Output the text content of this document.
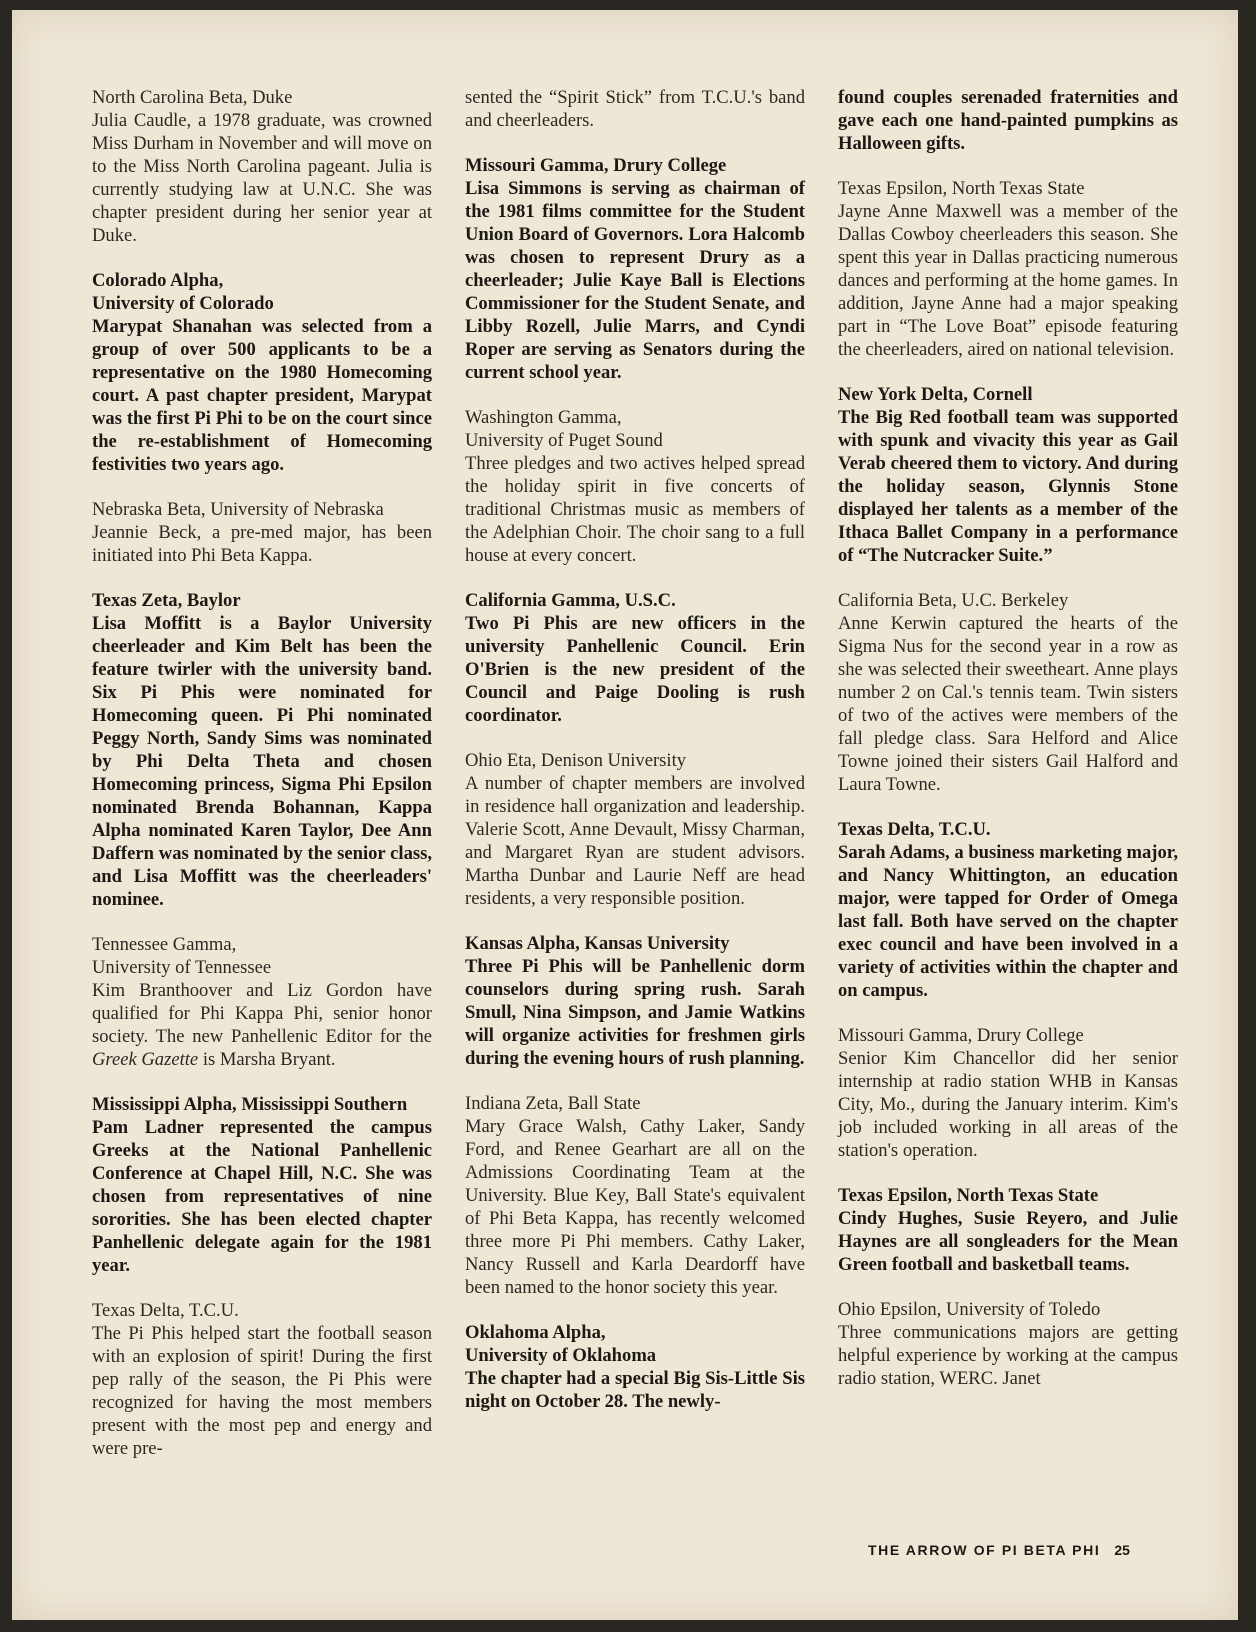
North Carolina Beta, Duke

Julia Caudle, a 1978 graduate, was crowned Miss Durham in November and will move on to the Miss North Carolina pageant. Julia is currently studying law at U.N.C. She was chapter president during her senior year at Duke.

Colorado Alpha,

University of Colorado

Marypat Shanahan was selected from a group of over 500 applicants to be a representative on the 1980 Homecoming court. A past chapter president, Marypat was the first Pi Phi to be on the court since the re-establishment of Homecoming festivities two years ago.

Nebraska Beta, University of Nebraska

Jeannie Beck, a pre-med major, has been initiated into Phi Beta Kappa.

Texas Zeta, Baylor

Lisa Moffitt is a Baylor University cheerleader and Kim Belt has been the feature twirler with the university band. Six Pi Phis were nominated for Homecoming queen. Pi Phi nominated Peggy North, Sandy Sims was nominated by Phi Delta Theta and chosen Homecoming princess, Sigma Phi Epsilon nominated Brenda Bohannan, Kappa Alpha nominated Karen Taylor, Dee Ann Daffern was nominated by the senior class, and Lisa Moffitt was the cheerleaders' nominee.

Tennessee Gamma,

University of Tennessee

Kim Branthoover and Liz Gordon have qualified for Phi Kappa Phi, senior honor society. The new Panhellenic Editor for the Greek Gazette is Marsha Bryant.

Mississippi Alpha, Mississippi Southern

Pam Ladner represented the campus Greeks at the National Panhellenic Conference at Chapel Hill, N.C. She was chosen from representatives of nine sororities. She has been elected chapter Panhellenic delegate again for the 1981 year.

Texas Delta, T.C.U.

The Pi Phis helped start the football season with an explosion of spirit! During the first pep rally of the season, the Pi Phis were recognized for having the most members present with the most pep and energy and were pre-

sented the “Spirit Stick” from T.C.U.'s band and cheerleaders.

Missouri Gamma, Drury College

Lisa Simmons is serving as chairman of the 1981 films committee for the Student Union Board of Governors. Lora Halcomb was chosen to represent Drury as a cheerleader; Julie Kaye Ball is Elections Commissioner for the Student Senate, and Libby Rozell, Julie Marrs, and Cyndi Roper are serving as Senators during the current school year.

Washington Gamma,

University of Puget Sound

Three pledges and two actives helped spread the holiday spirit in five concerts of traditional Christmas music as members of the Adelphian Choir. The choir sang to a full house at every concert.

California Gamma, U.S.C.

Two Pi Phis are new officers in the university Panhellenic Council. Erin O'Brien is the new president of the Council and Paige Dooling is rush coordinator.

Ohio Eta, Denison University

A number of chapter members are involved in residence hall organization and leadership. Valerie Scott, Anne Devault, Missy Charman, and Margaret Ryan are student advisors. Martha Dunbar and Laurie Neff are head residents, a very responsible position.

Kansas Alpha, Kansas University

Three Pi Phis will be Panhellenic dorm counselors during spring rush. Sarah Smull, Nina Simpson, and Jamie Watkins will organize activities for freshmen girls during the evening hours of rush planning.

Indiana Zeta, Ball State

Mary Grace Walsh, Cathy Laker, Sandy Ford, and Renee Gearhart are all on the Admissions Coordinating Team at the University. Blue Key, Ball State's equivalent of Phi Beta Kappa, has recently welcomed three more Pi Phi members. Cathy Laker, Nancy Russell and Karla Deardorff have been named to the honor society this year.

Oklahoma Alpha,

University of Oklahoma

The chapter had a special Big Sis-Little Sis night on October 28. The newly-

found couples serenaded fraternities and gave each one hand-painted pumpkins as Halloween gifts.

Texas Epsilon, North Texas State

Jayne Anne Maxwell was a member of the Dallas Cowboy cheerleaders this season. She spent this year in Dallas practicing numerous dances and performing at the home games. In addition, Jayne Anne had a major speaking part in “The Love Boat” episode featuring the cheerleaders, aired on national television.

New York Delta, Cornell

The Big Red football team was supported with spunk and vivacity this year as Gail Verab cheered them to victory. And during the holiday season, Glynnis Stone displayed her talents as a member of the Ithaca Ballet Company in a performance of “The Nutcracker Suite.”

California Beta, U.C. Berkeley

Anne Kerwin captured the hearts of the Sigma Nus for the second year in a row as she was selected their sweetheart. Anne plays number 2 on Cal.'s tennis team. Twin sisters of two of the actives were members of the fall pledge class. Sara Helford and Alice Towne joined their sisters Gail Halford and Laura Towne.

Texas Delta, T.C.U.

Sarah Adams, a business marketing major, and Nancy Whittington, an education major, were tapped for Order of Omega last fall. Both have served on the chapter exec council and have been involved in a variety of activities within the chapter and on campus.

Missouri Gamma, Drury College

Senior Kim Chancellor did her senior internship at radio station WHB in Kansas City, Mo., during the January interim. Kim's job included working in all areas of the station's operation.

Texas Epsilon, North Texas State

Cindy Hughes, Susie Reyero, and Julie Haynes are all songleaders for the Mean Green football and basketball teams.

Ohio Epsilon, University of Toledo

Three communications majors are getting helpful experience by working at the campus radio station, WERC. Janet

THE ARROW OF PI BETA PHI 25
